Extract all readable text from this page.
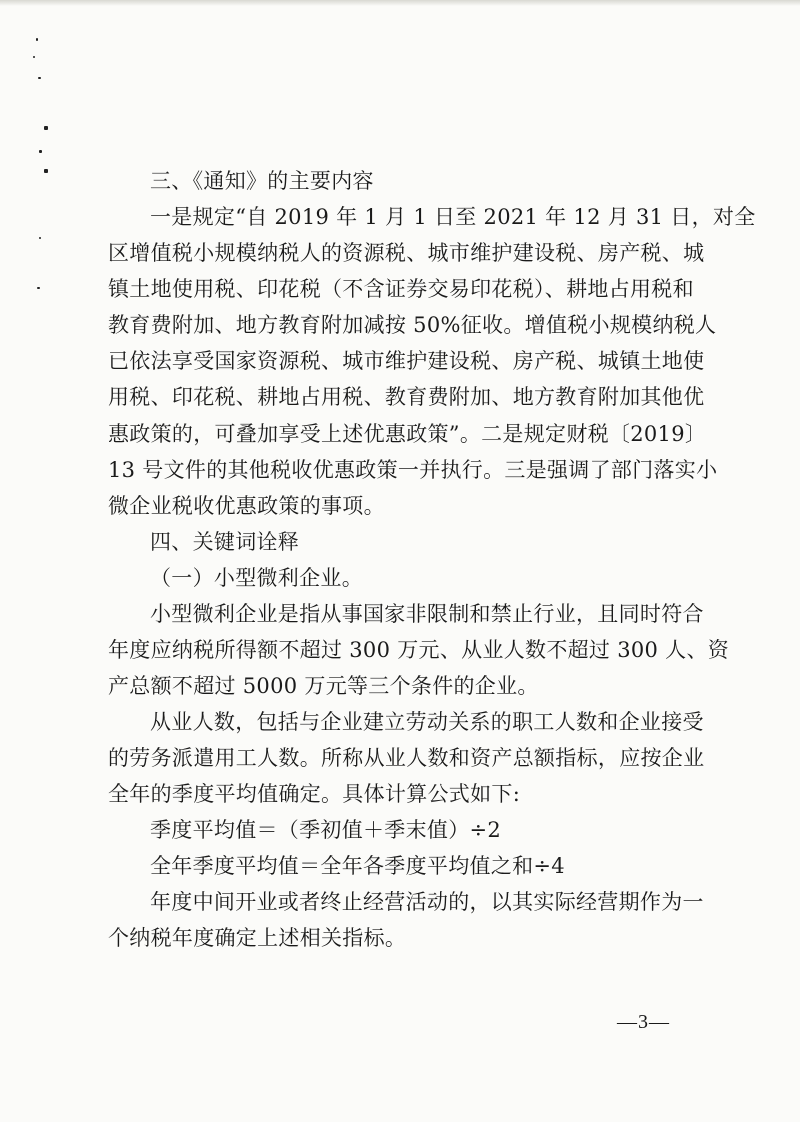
三、《通知》的主要内容
一是规定“自 2019 年 1 月 1 日至 2021 年 12 月 31 日，对全
区增值税小规模纳税人的资源税、城市维护建设税、房产税、城
镇土地使用税、印花税（不含证券交易印花税）、耕地占用税和
教育费附加、地方教育附加减按 50%征收。增值税小规模纳税人
已依法享受国家资源税、城市维护建设税、房产税、城镇土地使
用税、印花税、耕地占用税、教育费附加、地方教育附加其他优
惠政策的，可叠加享受上述优惠政策”。二是规定财税〔2019〕
13 号文件的其他税收优惠政策一并执行。三是强调了部门落实小
微企业税收优惠政策的事项。
四、关键词诠释
（一）小型微利企业。
小型微利企业是指从事国家非限制和禁止行业，且同时符合
年度应纳税所得额不超过 300 万元、从业人数不超过 300 人、资
产总额不超过 5000 万元等三个条件的企业。
从业人数，包括与企业建立劳动关系的职工人数和企业接受
的劳务派遣用工人数。所称从业人数和资产总额指标，应按企业
全年的季度平均值确定。具体计算公式如下:
季度平均值＝（季初值＋季末值）÷2
全年季度平均值＝全年各季度平均值之和÷4
年度中间开业或者终止经营活动的，以其实际经营期作为一
个纳税年度确定上述相关指标。
—3—
